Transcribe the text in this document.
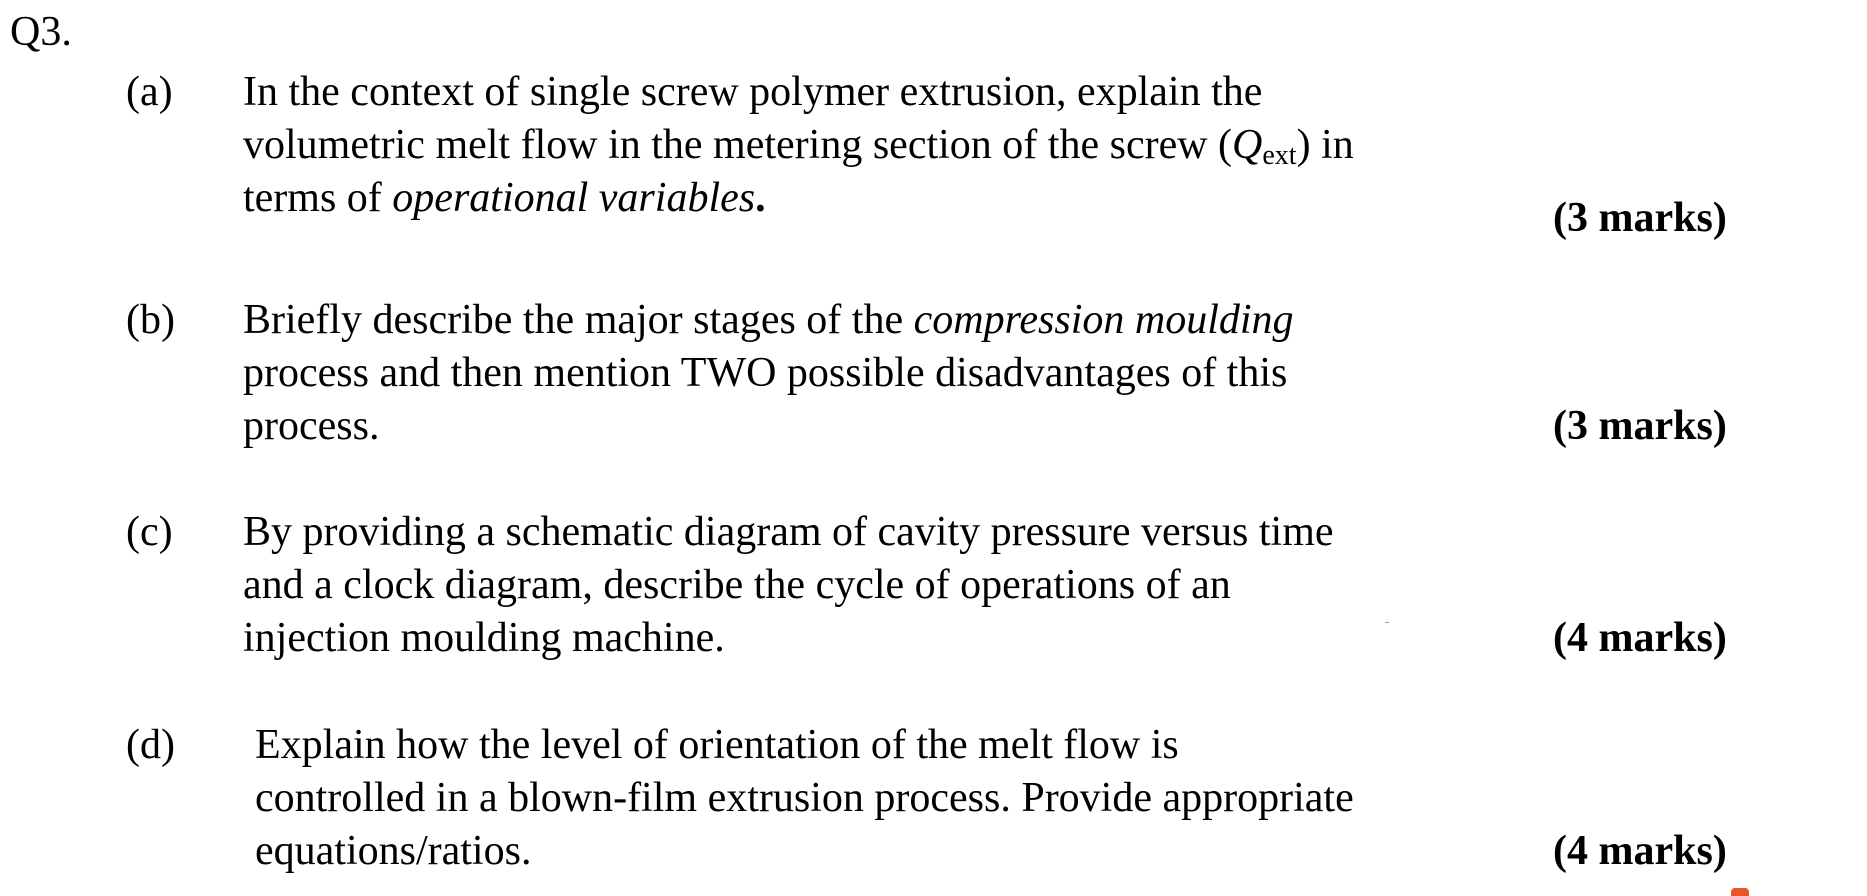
Q3.
(a) In the context of single screw polymer extrusion, explain the
volumetric melt flow in the metering section of the screw $(Q_{ext})$ in
terms of operational variables.	(3 marks)
(b) Briefly describe the major stages of the compression moulding
process and then mention TWO possible disadvantages of this
process.	(3 marks)
(c) By providing a schematic diagram of cavity pressure versus time
and a clock diagram, describe the cycle of operations of an
injection moulding machine.	(4 marks)
(d) Explain how the level of orientation of the melt flow is
controlled in a blown-film extrusion process. Provide appropriate
equations/ratios.	(4 marks)
